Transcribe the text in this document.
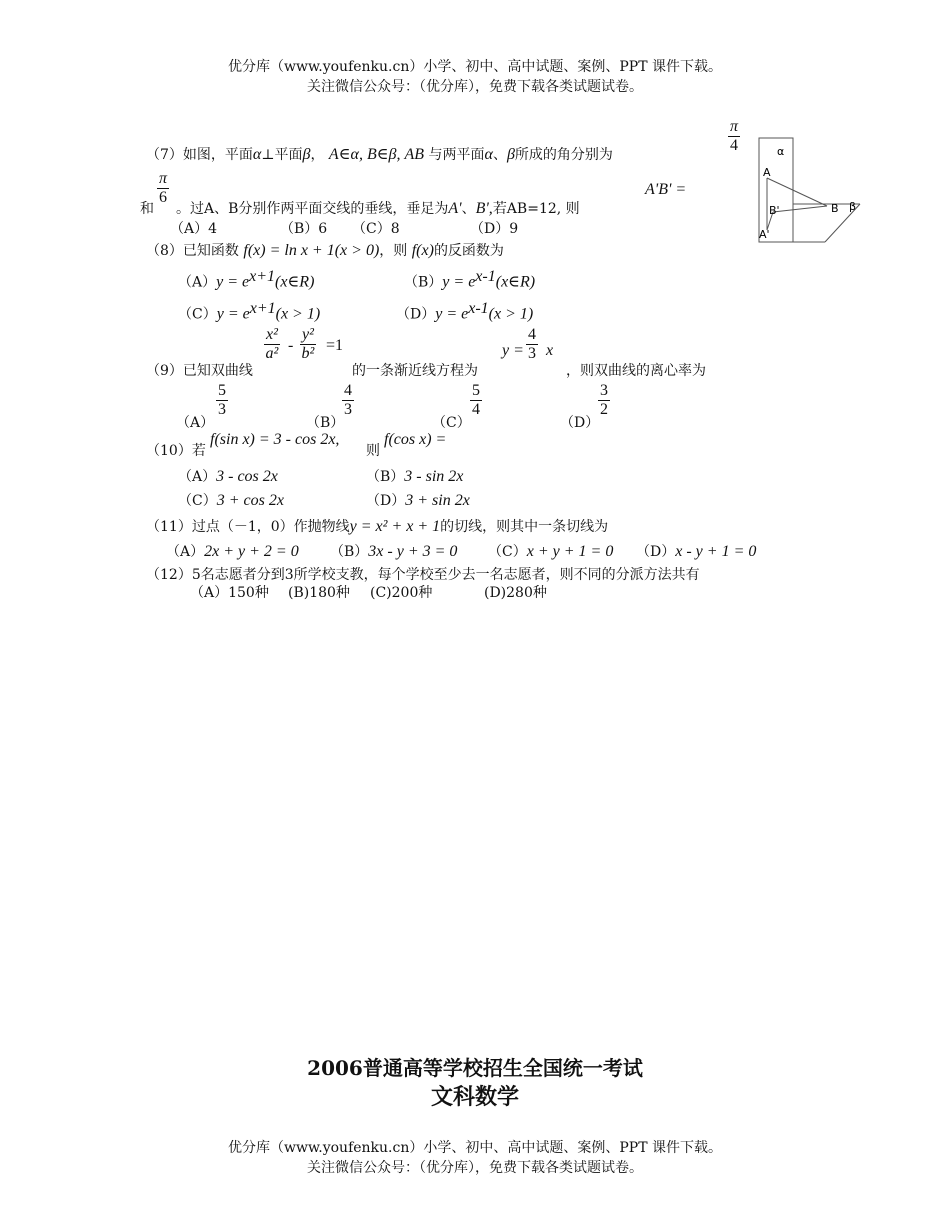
优分库（www.youfenku.cn）小学、初中、高中试题、案例、PPT 课件下载。
关注微信公众号：（优分库），免费下载各类试题试卷。
（7）如图，平面α⊥平面β， A∈α, B∈β, AB 与两平面α、β所成的角分别为	$\frac{\pi}{4}$
和
$\frac{\pi}{6}$
。过A、B分别作两平面交线的垂线，垂足为A'、B',若AB=12, 则
A'B' =
（A）4	（B）6 （C）8	（D）9
α
A
B'	B β
A'
（8）已知函数 f(x) = ln x + 1(x > 0)，则 f(x)的反函数为
$(A)y = e^{x+1}(x\in R)$	$(B)y = e^{x-1}(x\in R)$
$(C)y = e^{x+1}(x > 1)$	$(D)y = e^{x-1}(x > 1)$
（9）已知双曲线
$\frac{\text{x²}}{\text{a²}} - \frac{\text{y²}}{\text{b²}} =1$
的一条渐近线方程为
$y = \frac{4}{3}$ x
，则双曲线的离心率为
（A）
$\frac{5}{3}$
（B）
$\frac{4}{3}$
（C）
$\frac{5}{4}$
（D）
$\frac{3}{2}$
（10）若
f(sin x) = 3 - cos 2x,
则
f(cos x) =
（A）3 - cos 2x	（B）3 - sin 2x
（C）3 + cos 2x	（D）3 + sin 2x
（11）过点（－1，0）作抛物线y = x² + x + 1的切线，则其中一条切线为
（A）2x + y + 2 = 0 （B）3x - y + 3 = 0 （C）x + y + 1 = 0 （D）x - y + 1 = 0
（12）5名志愿者分到3所学校支教，每个学校至少去一名志愿者，则不同的分派方法共有
（A）150种 (B)180种 (C)200种	(D)280种
2006普通高等学校招生全国统一考试
文科数学
优分库（www.youfenku.cn）小学、初中、高中试题、案例、PPT 课件下载。
关注微信公众号：（优分库），免费下载各类试题试卷。
